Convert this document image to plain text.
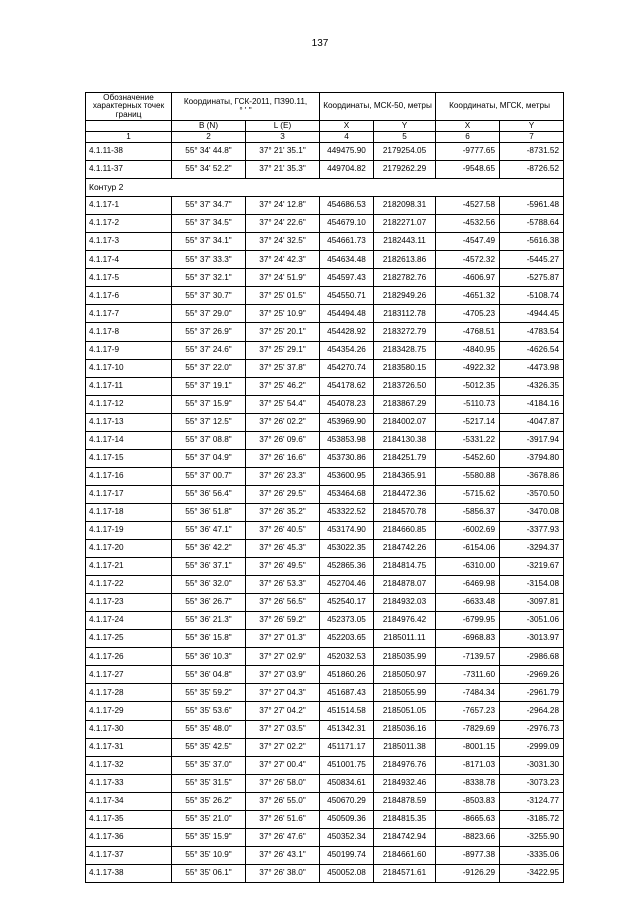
137
Обозначение характерных точек границ	Координаты, ГСК-2011, ПЗ90.11,
° ' "		Координаты, МСК-50, метры		Координаты, МГСК, метры	
	B (N)	L (E)	X	Y	X	Y
1	2	3	4	5	6	7
4.1.11-38	55° 34' 44.8"	37° 21' 35.1"	449475.90	2179254.05	-9777.65	-8731.52
4.1.11-37	55° 34' 52.2"	37° 21' 35.3"	449704.82	2179262.29	-9548.65	-8726.52
Контур 2						
4.1.17-1	55° 37' 34.7"	37° 24' 12.8"	454686.53	2182098.31	-4527.58	-5961.48
4.1.17-2	55° 37' 34.5"	37° 24' 22.6"	454679.10	2182271.07	-4532.56	-5788.64
4.1.17-3	55° 37' 34.1"	37° 24' 32.5"	454661.73	2182443.11	-4547.49	-5616.38
4.1.17-4	55° 37' 33.3"	37° 24' 42.3"	454634.48	2182613.86	-4572.32	-5445.27
4.1.17-5	55° 37' 32.1"	37° 24' 51.9"	454597.43	2182782.76	-4606.97	-5275.87
4.1.17-6	55° 37' 30.7"	37° 25' 01.5"	454550.71	2182949.26	-4651.32	-5108.74
4.1.17-7	55° 37' 29.0"	37° 25' 10.9"	454494.48	2183112.78	-4705.23	-4944.45
4.1.17-8	55° 37' 26.9"	37° 25' 20.1"	454428.92	2183272.79	-4768.51	-4783.54
4.1.17-9	55° 37' 24.6"	37° 25' 29.1"	454354.26	2183428.75	-4840.95	-4626.54
4.1.17-10	55° 37' 22.0"	37° 25' 37.8"	454270.74	2183580.15	-4922.32	-4473.98
4.1.17-11	55° 37' 19.1"	37° 25' 46.2"	454178.62	2183726.50	-5012.35	-4326.35
4.1.17-12	55° 37' 15.9"	37° 25' 54.4"	454078.23	2183867.29	-5110.73	-4184.16
4.1.17-13	55° 37' 12.5"	37° 26' 02.2"	453969.90	2184002.07	-5217.14	-4047.87
4.1.17-14	55° 37' 08.8"	37° 26' 09.6"	453853.98	2184130.38	-5331.22	-3917.94
4.1.17-15	55° 37' 04.9"	37° 26' 16.6"	453730.86	2184251.79	-5452.60	-3794.80
4.1.17-16	55° 37' 00.7"	37° 26' 23.3"	453600.95	2184365.91	-5580.88	-3678.86
4.1.17-17	55° 36' 56.4"	37° 26' 29.5"	453464.68	2184472.36	-5715.62	-3570.50
4.1.17-18	55° 36' 51.8"	37° 26' 35.2"	453322.52	2184570.78	-5856.37	-3470.08
4.1.17-19	55° 36' 47.1"	37° 26' 40.5"	453174.90	2184660.85	-6002.69	-3377.93
4.1.17-20	55° 36' 42.2"	37° 26' 45.3"	453022.35	2184742.26	-6154.06	-3294.37
4.1.17-21	55° 36' 37.1"	37° 26' 49.5"	452865.36	2184814.75	-6310.00	-3219.67
4.1.17-22	55° 36' 32.0"	37° 26' 53.3"	452704.46	2184878.07	-6469.98	-3154.08
4.1.17-23	55° 36' 26.7"	37° 26' 56.5"	452540.17	2184932.03	-6633.48	-3097.81
4.1.17-24	55° 36' 21.3"	37° 26' 59.2"	452373.05	2184976.42	-6799.95	-3051.06
4.1.17-25	55° 36' 15.8"	37° 27' 01.3"	452203.65	2185011.11	-6968.83	-3013.97
4.1.17-26	55° 36' 10.3"	37° 27' 02.9"	452032.53	2185035.99	-7139.57	-2986.68
4.1.17-27	55° 36' 04.8"	37° 27' 03.9"	451860.26	2185050.97	-7311.60	-2969.26
4.1.17-28	55° 35' 59.2"	37° 27' 04.3"	451687.43	2185055.99	-7484.34	-2961.79
4.1.17-29	55° 35' 53.6"	37° 27' 04.2"	451514.58	2185051.05	-7657.23	-2964.28
4.1.17-30	55° 35' 48.0"	37° 27' 03.5"	451342.31	2185036.16	-7829.69	-2976.73
4.1.17-31	55° 35' 42.5"	37° 27' 02.2"	451171.17	2185011.38	-8001.15	-2999.09
4.1.17-32	55° 35' 37.0"	37° 27' 00.4"	451001.75	2184976.76	-8171.03	-3031.30
4.1.17-33	55° 35' 31.5"	37° 26' 58.0"	450834.61	2184932.46	-8338.78	-3073.23
4.1.17-34	55° 35' 26.2"	37° 26' 55.0"	450670.29	2184878.59	-8503.83	-3124.77
4.1.17-35	55° 35' 21.0"	37° 26' 51.6"	450509.36	2184815.35	-8665.63	-3185.72
4.1.17-36	55° 35' 15.9"	37° 26' 47.6"	450352.34	2184742.94	-8823.66	-3255.90
4.1.17-37	55° 35' 10.9"	37° 26' 43.1"	450199.74	2184661.60	-8977.38	-3335.06
4.1.17-38	55° 35' 06.1"	37° 26' 38.0"	450052.08	2184571.61	-9126.29	-3422.95
